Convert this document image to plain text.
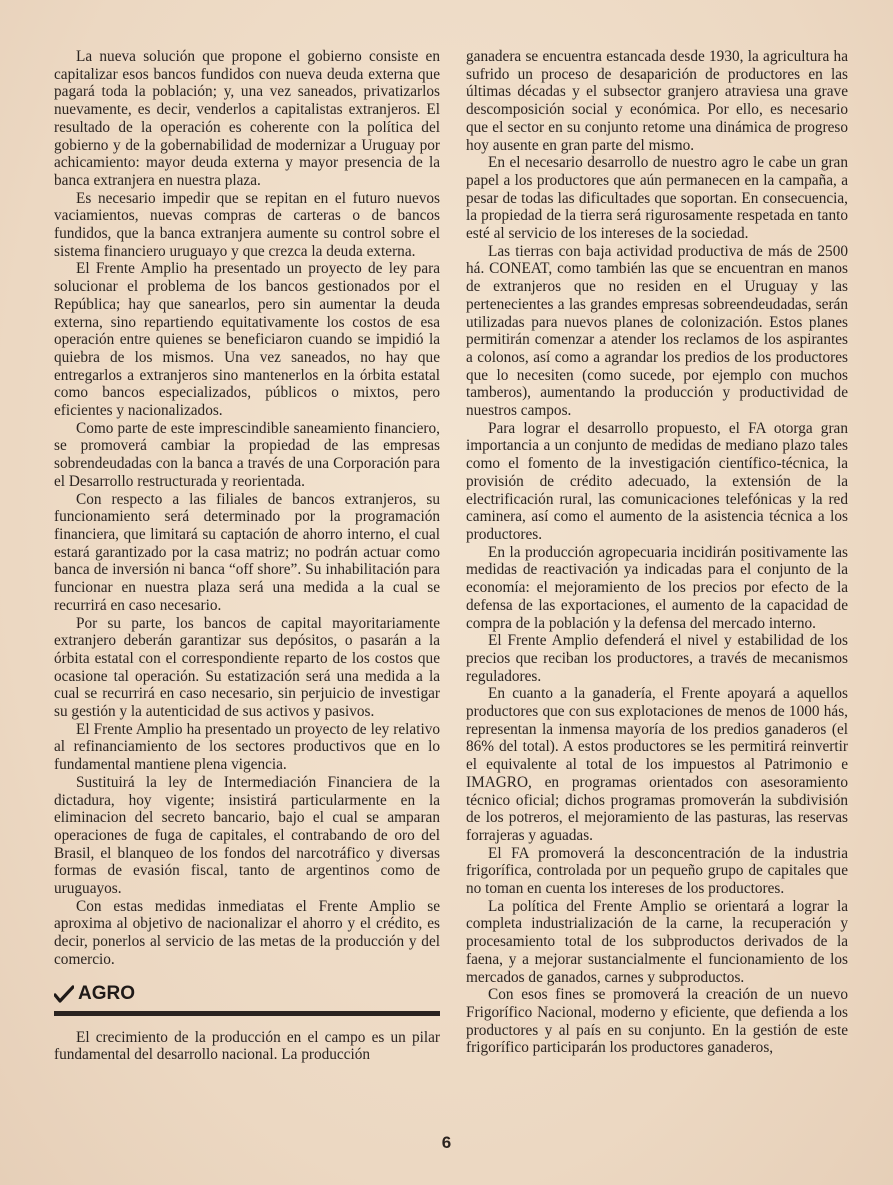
La nueva solución que propone el gobierno consiste en capitalizar esos bancos fundidos con nueva deuda externa que pagará toda la población; y, una vez saneados, privatizarlos nuevamente, es decir, venderlos a capitalistas extranjeros. El resultado de la operación es coherente con la política del gobierno y de la gobernabilidad de modernizar a Uruguay por achicamiento: mayor deuda externa y mayor presencia de la banca extranjera en nuestra plaza.

Es necesario impedir que se repitan en el futuro nuevos vaciamientos, nuevas compras de carteras o de bancos fundidos, que la banca extranjera aumente su control sobre el sistema financiero uruguayo y que crezca la deuda externa.

El Frente Amplio ha presentado un proyecto de ley para solucionar el problema de los bancos gestionados por el República; hay que sanearlos, pero sin aumentar la deuda externa, sino repartiendo equitativamente los costos de esa operación entre quienes se beneficiaron cuando se impidió la quiebra de los mismos. Una vez saneados, no hay que entregarlos a extranjeros sino mantenerlos en la órbita estatal como bancos especializados, públicos o mixtos, pero eficientes y nacionalizados.

Como parte de este imprescindible saneamiento financiero, se promoverá cambiar la propiedad de las empresas sobrendeudadas con la banca a través de una Corporación para el Desarrollo restructurada y reorientada.

Con respecto a las filiales de bancos extranjeros, su funcionamiento será determinado por la programación financiera, que limitará su captación de ahorro interno, el cual estará garantizado por la casa matriz; no podrán actuar como banca de inversión ni banca “off shore”. Su inhabilitación para funcionar en nuestra plaza será una medida a la cual se recurrirá en caso necesario.

Por su parte, los bancos de capital mayoritariamente extranjero deberán garantizar sus depósitos, o pasarán a la órbita estatal con el correspondiente reparto de los costos que ocasione tal operación. Su estatización será una medida a la cual se recurrirá en caso necesario, sin perjuicio de investigar su gestión y la autenticidad de sus activos y pasivos.

El Frente Amplio ha presentado un proyecto de ley relativo al refinanciamiento de los sectores productivos que en lo fundamental mantiene plena vigencia.

Sustituirá la ley de Intermediación Financiera de la dictadura, hoy vigente; insistirá particularmente en la eliminacion del secreto bancario, bajo el cual se amparan operaciones de fuga de capitales, el contrabando de oro del Brasil, el blanqueo de los fondos del narcotráfico y diversas formas de evasión fiscal, tanto de argentinos como de uruguayos.

Con estas medidas inmediatas el Frente Amplio se aproxima al objetivo de nacionalizar el ahorro y el crédito, es decir, ponerlos al servicio de las metas de la producción y del comercio.

AGRO

El crecimiento de la producción en el campo es un pilar fundamental del desarrollo nacional. La producción

ganadera se encuentra estancada desde 1930, la agricultura ha sufrido un proceso de desaparición de productores en las últimas décadas y el subsector granjero atraviesa una grave descomposición social y económica. Por ello, es necesario que el sector en su conjunto retome una dinámica de progreso hoy ausente en gran parte del mismo.

En el necesario desarrollo de nuestro agro le cabe un gran papel a los productores que aún permanecen en la campaña, a pesar de todas las dificultades que soportan. En consecuencia, la propiedad de la tierra será rigurosamente respetada en tanto esté al servicio de los intereses de la sociedad.

Las tierras con baja actividad productiva de más de 2500 há. CONEAT, como también las que se encuentran en manos de extranjeros que no residen en el Uruguay y las pertenecientes a las grandes empresas sobreendeudadas, serán utilizadas para nuevos planes de colonización. Estos planes permitirán comenzar a atender los reclamos de los aspirantes a colonos, así como a agrandar los predios de los productores que lo necesiten (como sucede, por ejemplo con muchos tamberos), aumentando la producción y productividad de nuestros campos.

Para lograr el desarrollo propuesto, el FA otorga gran importancia a un conjunto de medidas de mediano plazo tales como el fomento de la investigación científico-técnica, la provisión de crédito adecuado, la extensión de la electrificación rural, las comunicaciones telefónicas y la red caminera, así como el aumento de la asistencia técnica a los productores.

En la producción agropecuaria incidirán positivamente las medidas de reactivación ya indicadas para el conjunto de la economía: el mejoramiento de los precios por efecto de la defensa de las exportaciones, el aumento de la capacidad de compra de la población y la defensa del mercado interno.

El Frente Amplio defenderá el nivel y estabilidad de los precios que reciban los productores, a través de mecanismos reguladores.

En cuanto a la ganadería, el Frente apoyará a aquellos productores que con sus explotaciones de menos de 1000 hás, representan la inmensa mayoría de los predios ganaderos (el 86% del total). A estos productores se les permitirá reinvertir el equivalente al total de los impuestos al Patrimonio e IMAGRO, en programas orientados con asesoramiento técnico oficial; dichos programas promoverán la subdivisión de los potreros, el mejoramiento de las pasturas, las reservas forrajeras y aguadas.

El FA promoverá la desconcentración de la industria frigorífica, controlada por un pequeño grupo de capitales que no toman en cuenta los intereses de los productores.

La política del Frente Amplio se orientará a lograr la completa industrialización de la carne, la recuperación y procesamiento total de los subproductos derivados de la faena, y a mejorar sustancialmente el funcionamiento de los mercados de ganados, carnes y subproductos.

Con esos fines se promoverá la creación de un nuevo Frigorífico Nacional, moderno y eficiente, que defienda a los productores y al país en su conjunto. En la gestión de este frigorífico participarán los productores ganaderos,

6
